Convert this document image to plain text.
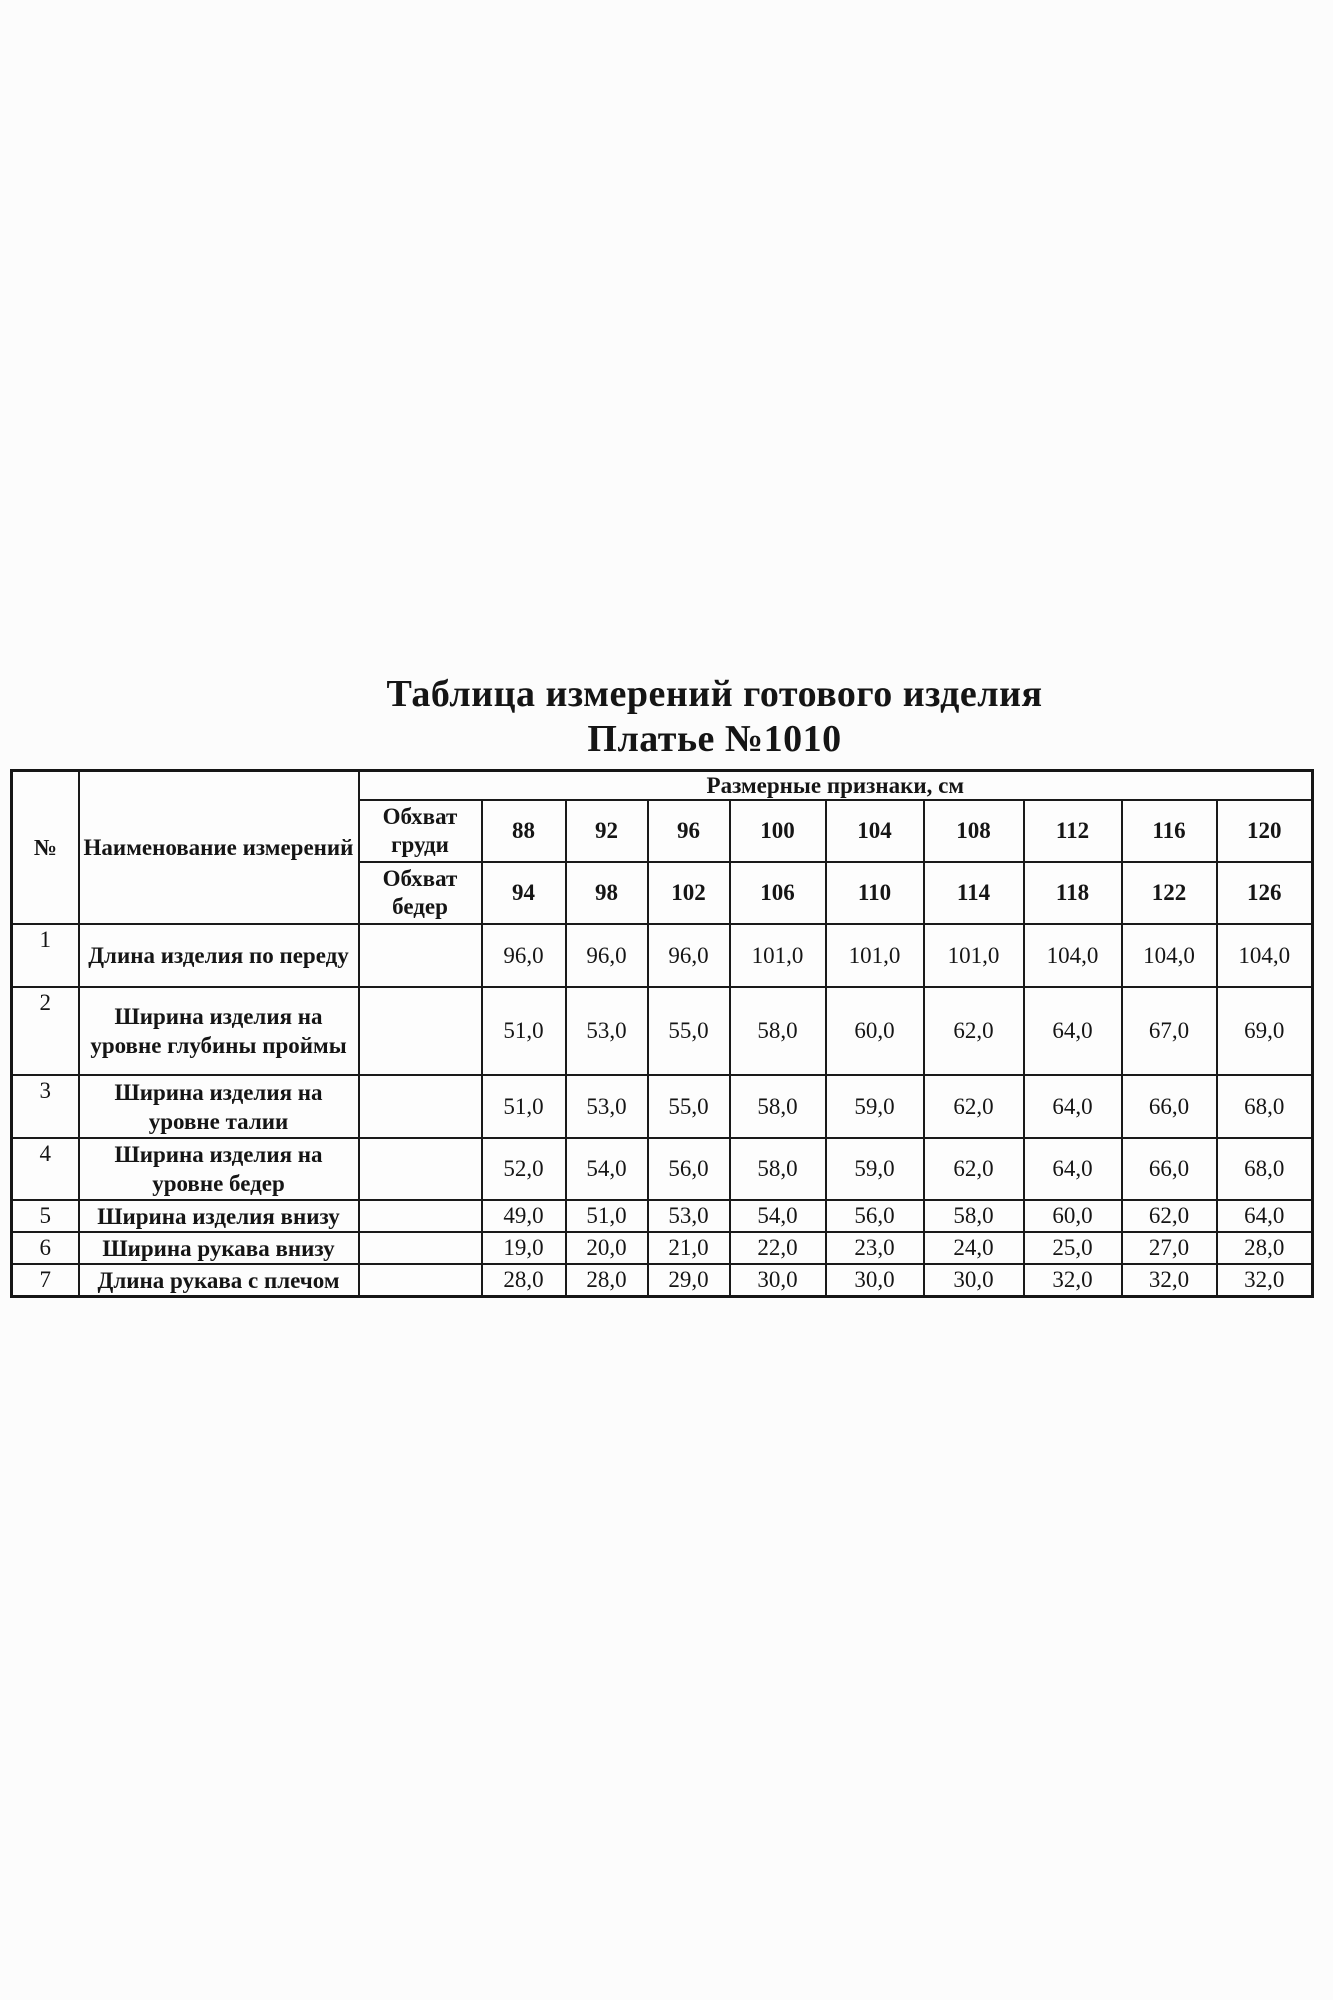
Таблица измерений готового изделия
Платье №1010
№	Наименование измерений	Размерные признаки, см									
		Обхват груди	88	92	96	100	104	108	112	116	120
		Обхват бедер	94	98	102	106	110	114	118	122	126
1	Длина изделия по переду		96,0	96,0	96,0	101,0	101,0	101,0	104,0	104,0	104,0
2	Ширина изделия на уровне глубины проймы		51,0	53,0	55,0	58,0	60,0	62,0	64,0	67,0	69,0
3	Ширина изделия на уровне талии		51,0	53,0	55,0	58,0	59,0	62,0	64,0	66,0	68,0
4	Ширина изделия на уровне бедер		52,0	54,0	56,0	58,0	59,0	62,0	64,0	66,0	68,0
5	Ширина изделия внизу		49,0	51,0	53,0	54,0	56,0	58,0	60,0	62,0	64,0
6	Ширина рукава внизу		19,0	20,0	21,0	22,0	23,0	24,0	25,0	27,0	28,0
7	Длина рукава с плечом		28,0	28,0	29,0	30,0	30,0	30,0	32,0	32,0	32,0
